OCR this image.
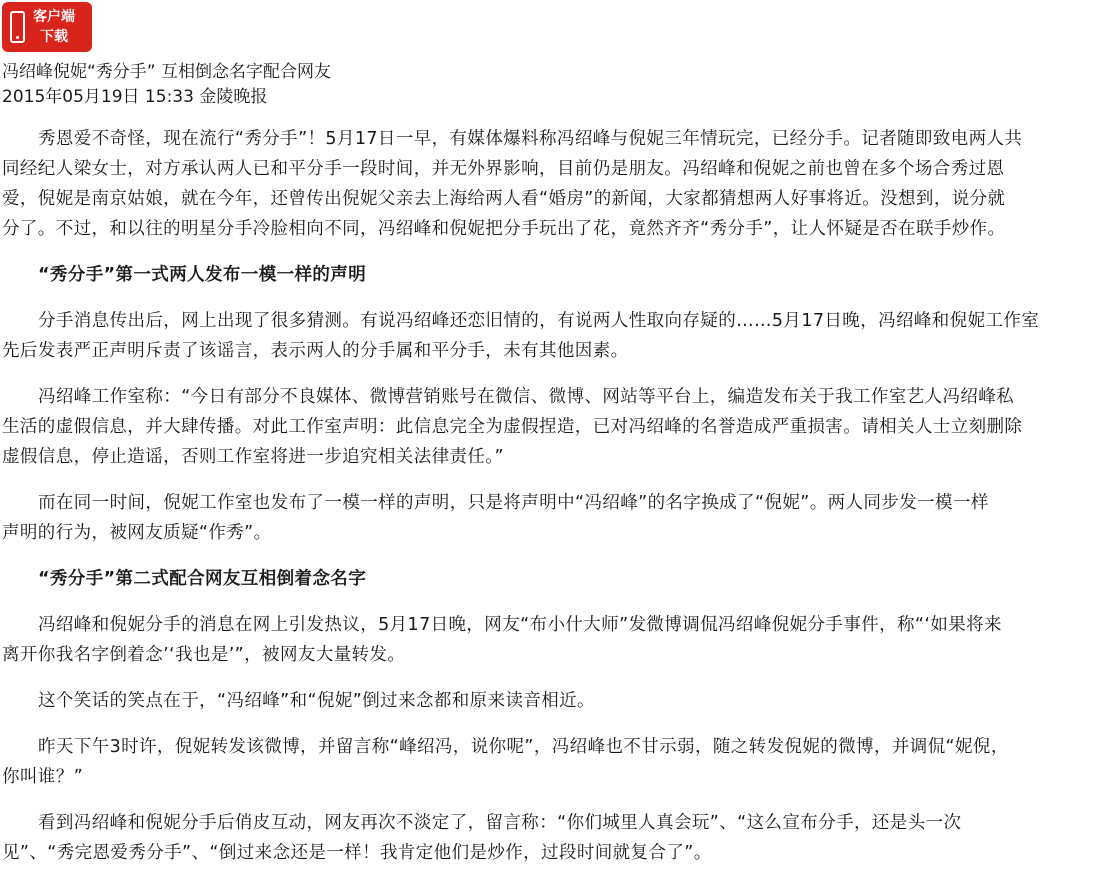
客户端
下载
冯绍峰倪妮“秀分手” 互相倒念名字配合网友
2015年05月19日 15:33 金陵晚报

秀恩爱不奇怪，现在流行“秀分手”！5月17日一早，有媒体爆料称冯绍峰与倪妮三年情玩完，已经分手。记者随即致电两人共
同经纪人梁女士，对方承认两人已和平分手一段时间，并无外界影响，目前仍是朋友。冯绍峰和倪妮之前也曾在多个场合秀过恩
爱，倪妮是南京姑娘，就在今年，还曾传出倪妮父亲去上海给两人看“婚房”的新闻，大家都猜想两人好事将近。没想到，说分就
分了。不过，和以往的明星分手冷脸相向不同，冯绍峰和倪妮把分手玩出了花，竟然齐齐“秀分手”，让人怀疑是否在联手炒作。

“秀分手”第一式两人发布一模一样的声明

分手消息传出后，网上出现了很多猜测。有说冯绍峰还恋旧情的，有说两人性取向存疑的……5月17日晚，冯绍峰和倪妮工作室
先后发表严正声明斥责了该谣言，表示两人的分手属和平分手，未有其他因素。

冯绍峰工作室称：“今日有部分不良媒体、微博营销账号在微信、微博、网站等平台上，编造发布关于我工作室艺人冯绍峰私
生活的虚假信息，并大肆传播。对此工作室声明：此信息完全为虚假捏造，已对冯绍峰的名誉造成严重损害。请相关人士立刻删除
虚假信息，停止造谣，否则工作室将进一步追究相关法律责任。”

而在同一时间，倪妮工作室也发布了一模一样的声明，只是将声明中“冯绍峰”的名字换成了“倪妮”。两人同步发一模一样
声明的行为，被网友质疑“作秀”。

“秀分手”第二式配合网友互相倒着念名字

冯绍峰和倪妮分手的消息在网上引发热议，5月17日晚，网友“布小什大师”发微博调侃冯绍峰倪妮分手事件，称“‘如果将来
离开你我名字倒着念’‘我也是’”，被网友大量转发。

这个笑话的笑点在于，“冯绍峰”和“倪妮”倒过来念都和原来读音相近。

昨天下午3时许，倪妮转发该微博，并留言称“峰绍冯，说你呢”，冯绍峰也不甘示弱，随之转发倪妮的微博，并调侃“妮倪，
你叫谁？”

看到冯绍峰和倪妮分手后俏皮互动，网友再次不淡定了，留言称：“你们城里人真会玩”、“这么宣布分手，还是头一次
见”、“秀完恩爱秀分手”、“倒过来念还是一样！我肯定他们是炒作，过段时间就复合了”。
